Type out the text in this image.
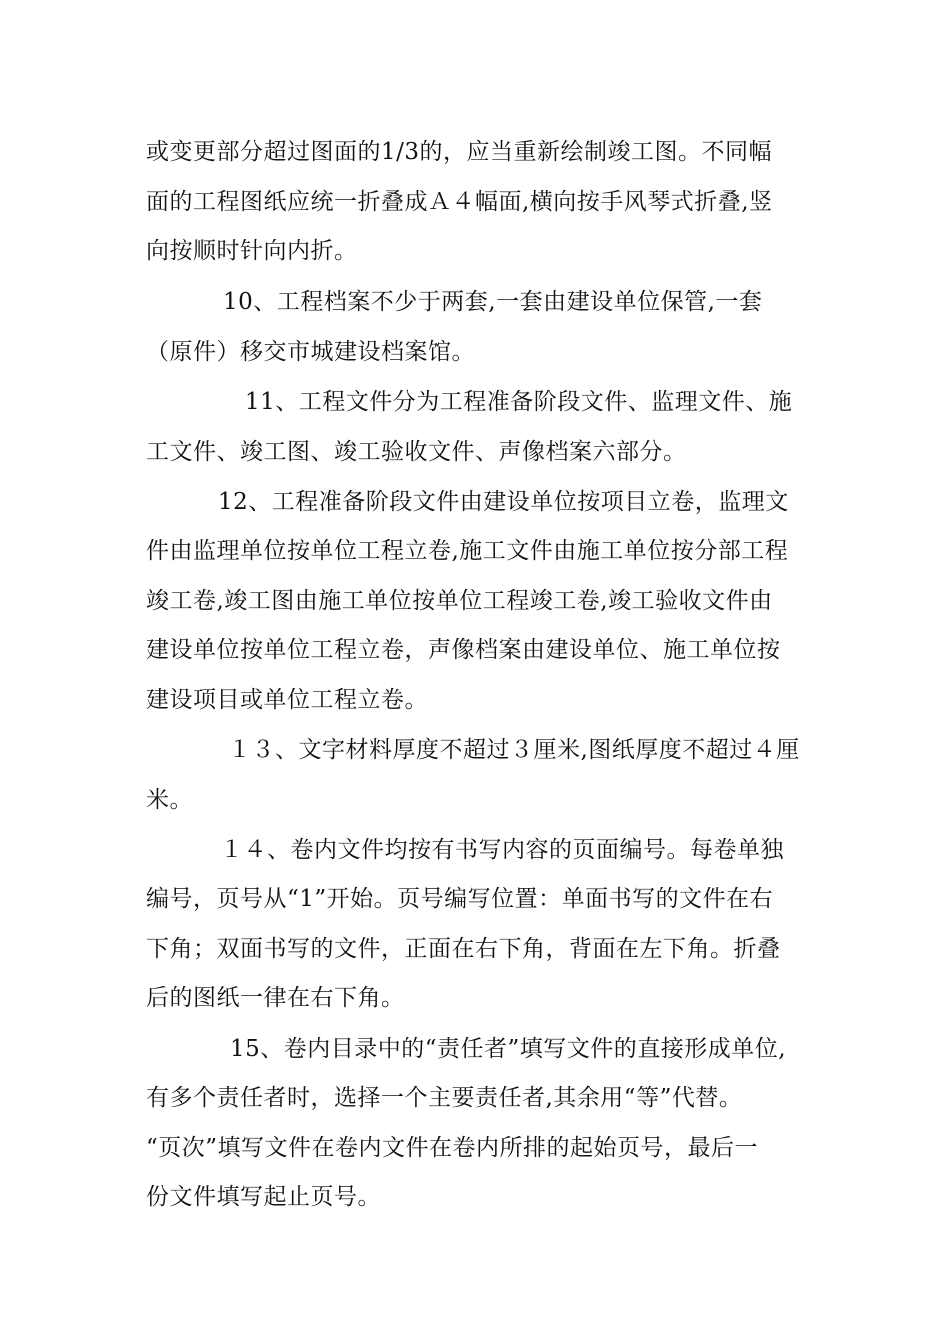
或变更部分超过图面的1/3的，应当重新绘制竣工图。不同幅
面的工程图纸应统一折叠成Ａ４幅面,横向按手风琴式折叠,竖
向按顺时针向内折。
10、工程档案不少于两套,一套由建设单位保管,一套
（原件）移交市城建设档案馆。
11、工程文件分为工程准备阶段文件、监理文件、施
工文件、竣工图、竣工验收文件、声像档案六部分。
12、工程准备阶段文件由建设单位按项目立卷，监理文
件由监理单位按单位工程立卷,施工文件由施工单位按分部工程
竣工卷,竣工图由施工单位按单位工程竣工卷,竣工验收文件由
建设单位按单位工程立卷，声像档案由建设单位、施工单位按
建设项目或单位工程立卷。
１３、文字材料厚度不超过３厘米,图纸厚度不超过４厘
米。
１４、卷内文件均按有书写内容的页面编号。每卷单独
编号，页号从“1”开始。页号编写位置：单面书写的文件在右
下角；双面书写的文件，正面在右下角，背面在左下角。折叠
后的图纸一律在右下角。
15、卷内目录中的“责任者”填写文件的直接形成单位,
有多个责任者时，选择一个主要责任者,其余用“等”代替。
“页次”填写文件在卷内文件在卷内所排的起始页号，最后一
份文件填写起止页号。
